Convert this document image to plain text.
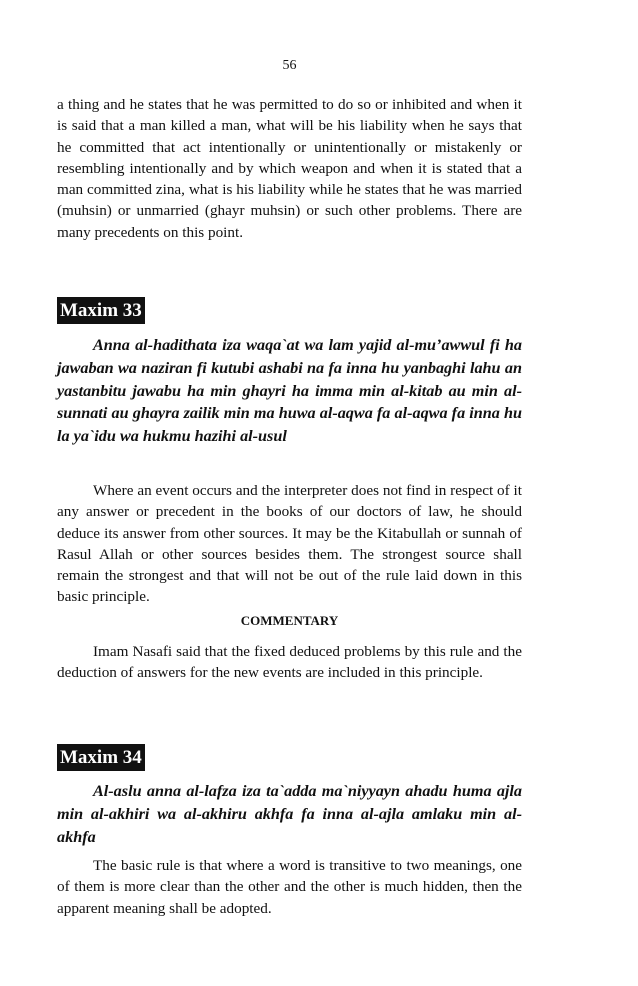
56

a thing and he states that he was permitted to do so or inhibited and when it is said that a man killed a man, what will be his liability when he says that he committed that act intentionally or unintentionally or mistakenly or resembling intentionally and by which weapon and when it is stated that a man committed zina, what is his liability while he states that he was married (muhsin) or unmarried (ghayr muhsin) or such other problems. There are many precedents on this point.

Maxim 33

Anna al-hadithata iza waqa`at wa lam yajid al-mu’awwul fi ha jawaban wa naziran fi kutubi ashabi na fa inna hu yanbaghi lahu an yastanbitu jawabu ha min ghayri ha imma min al-kitab au min al-sunnati au ghayra zailik min ma huwa al-aqwa fa al-aqwa fa inna hu la ya`idu wa hukmu hazihi al-usul

Where an event occurs and the interpreter does not find in respect of it any answer or precedent in the books of our doctors of law, he should deduce its answer from other sources. It may be the Kitabullah or sunnah of Rasul Allah or other sources besides them. The strongest source shall remain the strongest and that will not be out of the rule laid down in this basic principle.

COMMENTARY

Imam Nasafi said that the fixed deduced problems by this rule and the deduction of answers for the new events are included in this principle.

Maxim 34

Al-aslu anna al-lafza iza ta`adda ma`niyyayn ahadu huma ajla min al-akhiri wa al-akhiru akhfa fa inna al-ajla amlaku min al-akhfa

The basic rule is that where a word is transitive to two meanings, one of them is more clear than the other and the other is much hidden, then the apparent meaning shall be adopted.
